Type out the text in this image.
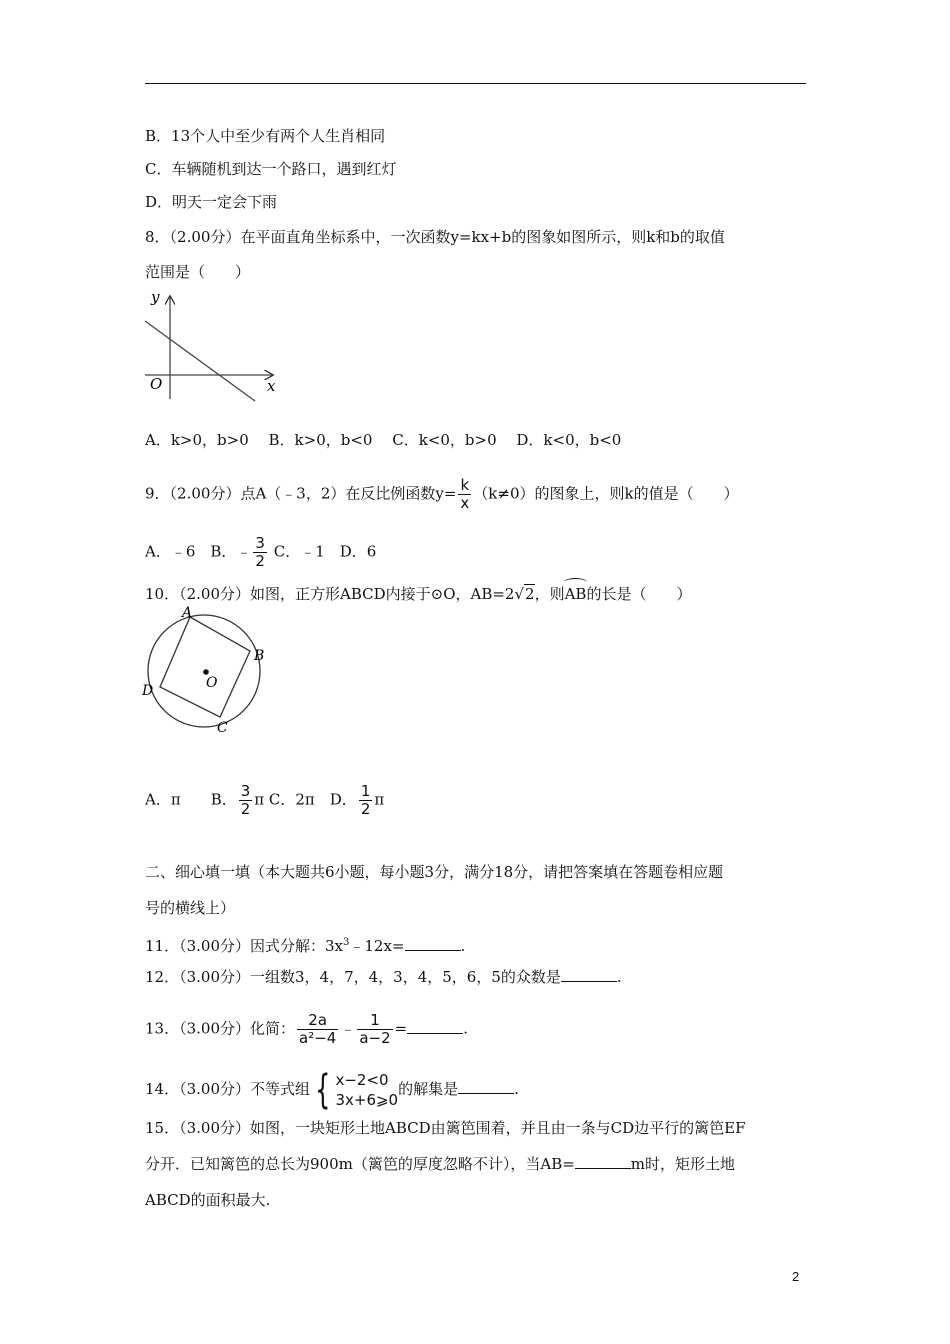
B．13个人中至少有两个人生肖相同
C．车辆随机到达一个路口，遇到红灯
D．明天一定会下雨
8．（2.00分）在平面直角坐标系中，一次函数y=kx+b的图象如图所示，则k和b的取值
范围是（　　）
y
O	x
A．k>0，b>0　 B．k>0，b<0　 C．k<0，b>0　 D．k<0，b<0
9．（2.00分）点A（﹣3，2）在反比例函数$y= \frac{k}{x} (k\ne 0)$的图象上，则k的值是（　　）
A．﹣6　B．﹣ $\frac{3}{2}$ C．﹣1　D．6
10．（2.00分）如图，正方形ABCD内接于⊙O，AB=2√2，则AB的长是（　　）
A
B
C
D	O
A．π　　B． $\frac{3}{2}$ π C．2π　D． $\frac{1}{2}$ π
二、细心填一填（本大题共6小题，每小题3分，满分18分，请把答案填在答题卷相应题
号的横线上）
11．（3.00分）因式分解：$3x^3﹣12x=$	.
12．（3.00分）一组数3，4，7，4，3，4，5，6，5的众数是	.
13．（3.00分）化简： $\frac{2a}{\text{a²−4}}$ ﹣ $\frac{1}{a-2}$ =	.
14．（3.00分）不等式组 { x−2<0
3x+6⩾0
的解集是	.
15．（3.00分）如图，一块矩形土地ABCD由篱笆围着，并且由一条与CD边平行的篱笆EF
分开．已知篱笆的总长为900m（篱笆的厚度忽略不计），当AB=	m时，矩形土地
ABCD的面积最大.
2
